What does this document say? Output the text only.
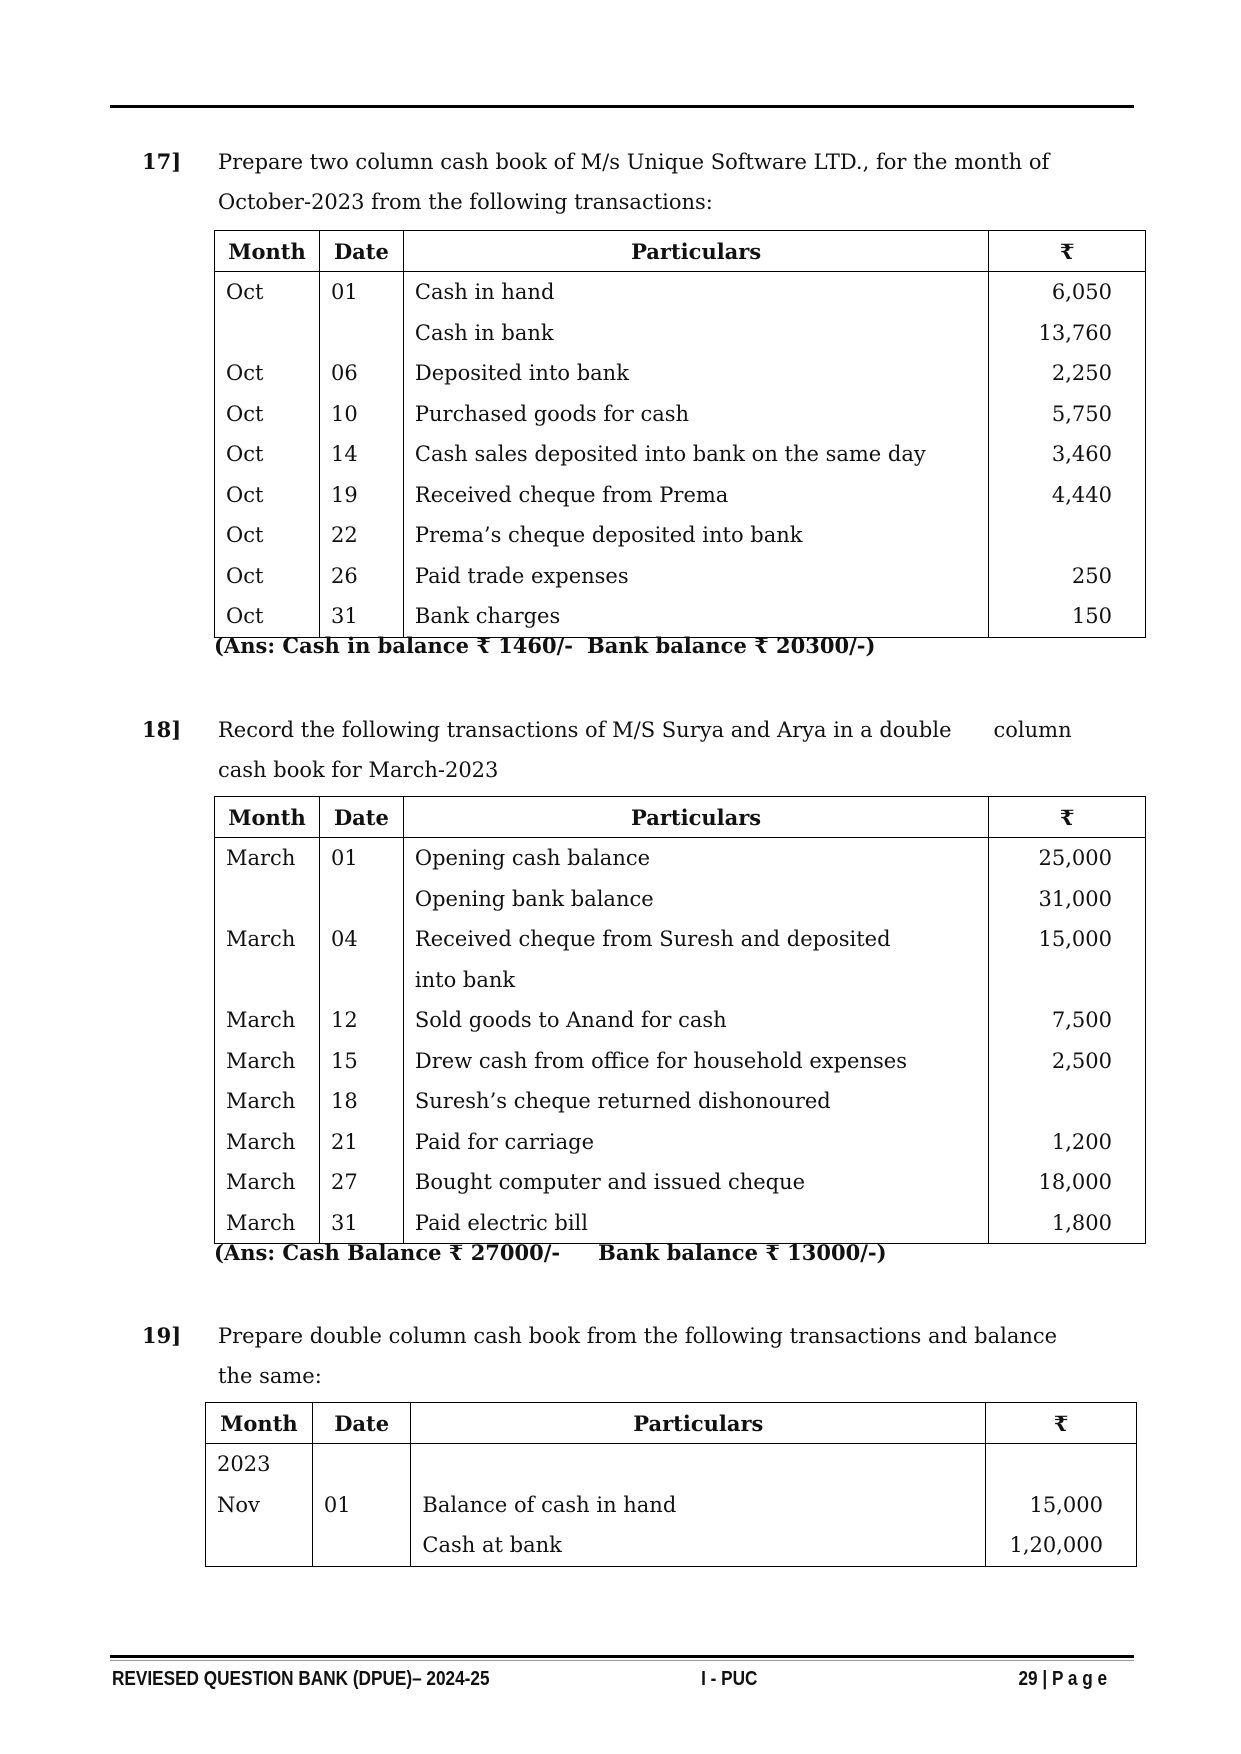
17] Prepare two column cash book of M/s Unique Software LTD., for the month of
October-2023 from the following transactions:
Month	Date	Particulars	₹
Oct	01	Cash in hand	6,050
		Cash in bank	13,760
Oct	06	Deposited into bank	2,250
Oct	10	Purchased goods for cash	5,750
Oct	14	Cash sales deposited into bank on the same day	3,460
Oct	19	Received cheque from Prema	4,440
Oct	22	Prema’s cheque deposited into bank	
Oct	26	Paid trade expenses	250
Oct	31	Bank charges	150
(Ans: Cash in balance ₹ 1460/- Bank balance ₹ 20300/-)
18] Record the following transactions of M/S Surya and Arya in a double column
cash book for March-2023
Month	Date	Particulars	₹
March	01	Opening cash balance	25,000
		Opening bank balance	31,000
March	04	Received cheque from Suresh and deposited	15,000
		into bank	
March	12	Sold goods to Anand for cash	7,500
March	15	Drew cash from office for household expenses	2,500
March	18	Suresh’s cheque returned dishonoured	
March	21	Paid for carriage	1,200
March	27	Bought computer and issued cheque	18,000
March	31	Paid electric bill	1,800
(Ans: Cash Balance ₹ 27000/- Bank balance ₹ 13000/-)
19] Prepare double column cash book from the following transactions and balance
the same:
Month	Date	Particulars	₹
2023			
Nov	01	Balance of cash in hand	15,000
		Cash at bank	1,20,000
REVIESED QUESTION BANK (DPUE)– 2024-25	I - PUC	29 | P a g e
